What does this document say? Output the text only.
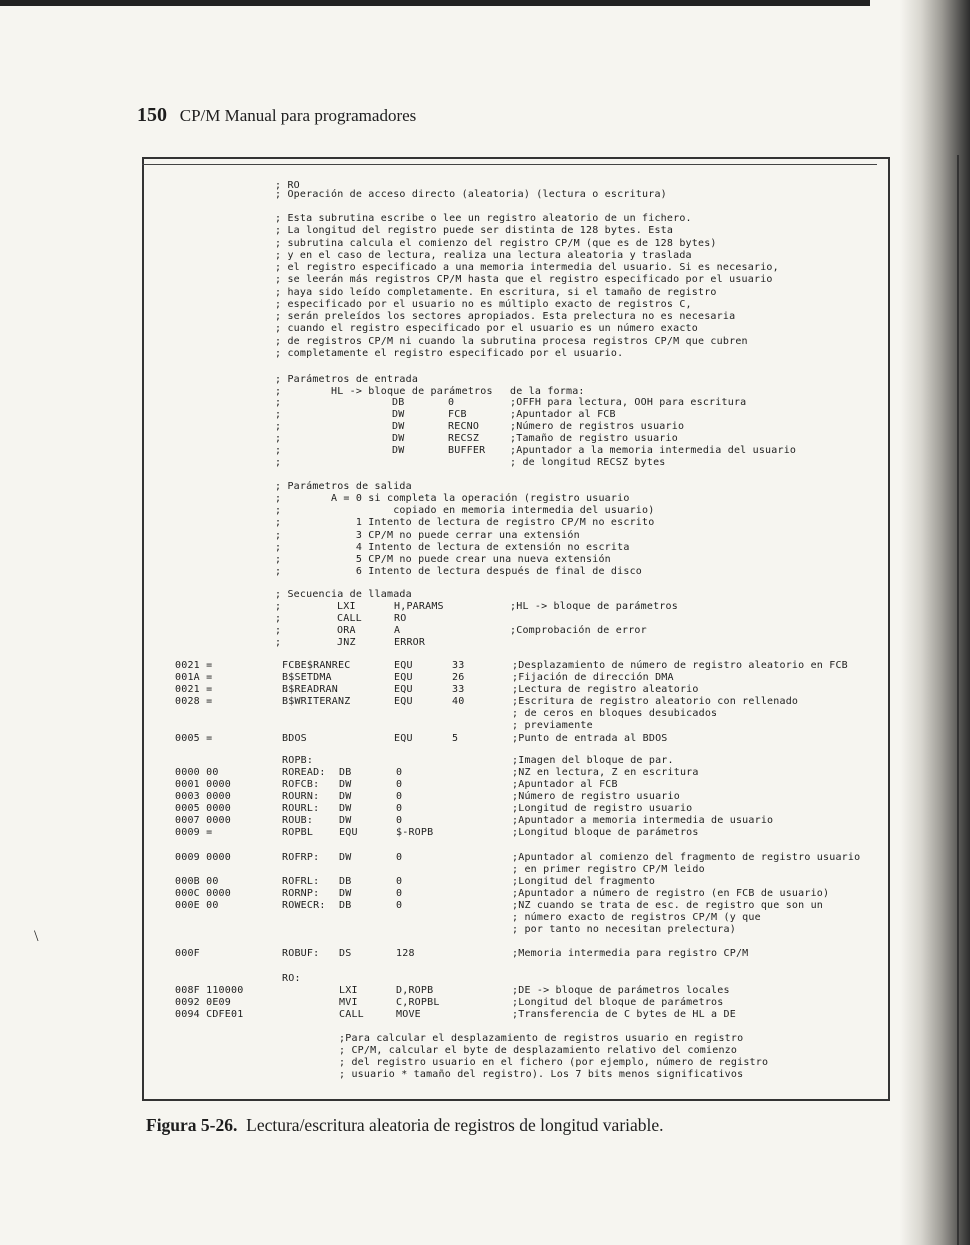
150 CP/M Manual para programadores
; RO
; Operación de acceso directo (aleatoria) (lectura o escritura)
; Esta subrutina escribe o lee un registro aleatorio de un fichero.
; La longitud del registro puede ser distinta de 128 bytes. Esta
; subrutina calcula el comienzo del registro CP/M (que es de 128 bytes)
; y en el caso de lectura, realiza una lectura aleatoria y traslada
; el registro especificado a una memoria intermedia del usuario. Si es necesario,
; se leerán más registros CP/M hasta que el registro especificado por el usuario
; haya sido leído completamente. En escritura, si el tamaño de registro
; especificado por el usuario no es múltiplo exacto de registros C,
; serán preleídos los sectores apropiados. Esta prelectura no es necesaria
; cuando el registro especificado por el usuario es un número exacto
; de registros CP/M ni cuando la subrutina procesa registros CP/M que cubren
; completamente el registro especificado por el usuario.
; Parámetros de entrada
;        HL -> bloque de parámetros de la forma:
;	DB	0	;OFFH para lectura, OOH para escritura
;	DW	FCB	;Apuntador al FCB
;	DW	RECNO	;Número de registros usuario
;	DW	RECSZ	;Tamaño de registro usuario
;	DW	BUFFER ;Apuntador a la memoria intermedia del usuario
;	; de longitud RECSZ bytes
; Parámetros de salida
;        A = 0 si completa la operación (registro usuario
;                  copiado en memoria intermedia del usuario)
;            1 Intento de lectura de registro CP/M no escrito
;            3 CP/M no puede cerrar una extensión
;            4 Intento de lectura de extensión no escrita
;            5 CP/M no puede crear una nueva extensión
;            6 Intento de lectura después de final de disco
; Secuencia de llamada
;	LXI	H,PARAMS	;HL -> bloque de parámetros
;	CALL	RO
;	ORA	A	;Comprobación de error
;	JNZ	ERROR
0021 =	FCBE$RANREC	EQU	33	;Desplazamiento de número de registro aleatorio en FCB
001A =	B$SETDMA	EQU	26	;Fijación de dirección DMA
0021 =	B$READRAN	EQU	33	;Lectura de registro aleatorio
0028 =	B$WRITERANZ	EQU	40	;Escritura de registro aleatorio con rellenado
; de ceros en bloques desubicados
; previamente
0005 =	BDOS	EQU	5	;Punto de entrada al BDOS
ROPB:	;Imagen del bloque de par.
0000 00	ROREAD: DB	0	;NZ en lectura, Z en escritura
0001 0000	ROFCB: DW	0	;Apuntador al FCB
0003 0000	ROURN: DW	0	;Número de registro usuario
0005 0000	ROURL: DW	0	;Longitud de registro usuario
0007 0000	ROUB:	DW	0	;Apuntador a memoria intermedia de usuario
0009 =	ROPBL	EQU	$-ROPB	;Longitud bloque de parámetros
0009 0000	ROFRP: DW	0	;Apuntador al comienzo del fragmento de registro usuario
; en primer registro CP/M leido
000B 00	ROFRL: DB	0	;Longitud del fragmento
000C 0000	RORNP: DW	0	;Apuntador a número de registro (en FCB de usuario)
000E 00	ROWECR: DB	0	;NZ cuando se trata de esc. de registro que son un
; número exacto de registros CP/M (y que
; por tanto no necesitan prelectura)
000F	ROBUF: DS	128	;Memoria intermedia para registro CP/M
RO:
008F 110000	LXI	D,ROPB	;DE -> bloque de parámetros locales
0092 0E09	MVI	C,ROPBL	;Longitud del bloque de parámetros
0094 CDFE01	CALL	MOVE	;Transferencia de C bytes de HL a DE
;Para calcular el desplazamiento de registros usuario en registro
; CP/M, calcular el byte de desplazamiento relativo del comienzo
; del registro usuario en el fichero (por ejemplo, número de registro
; usuario * tamaño del registro). Los 7 bits menos significativos
\
Figura 5-26. Lectura/escritura aleatoria de registros de longitud variable.
